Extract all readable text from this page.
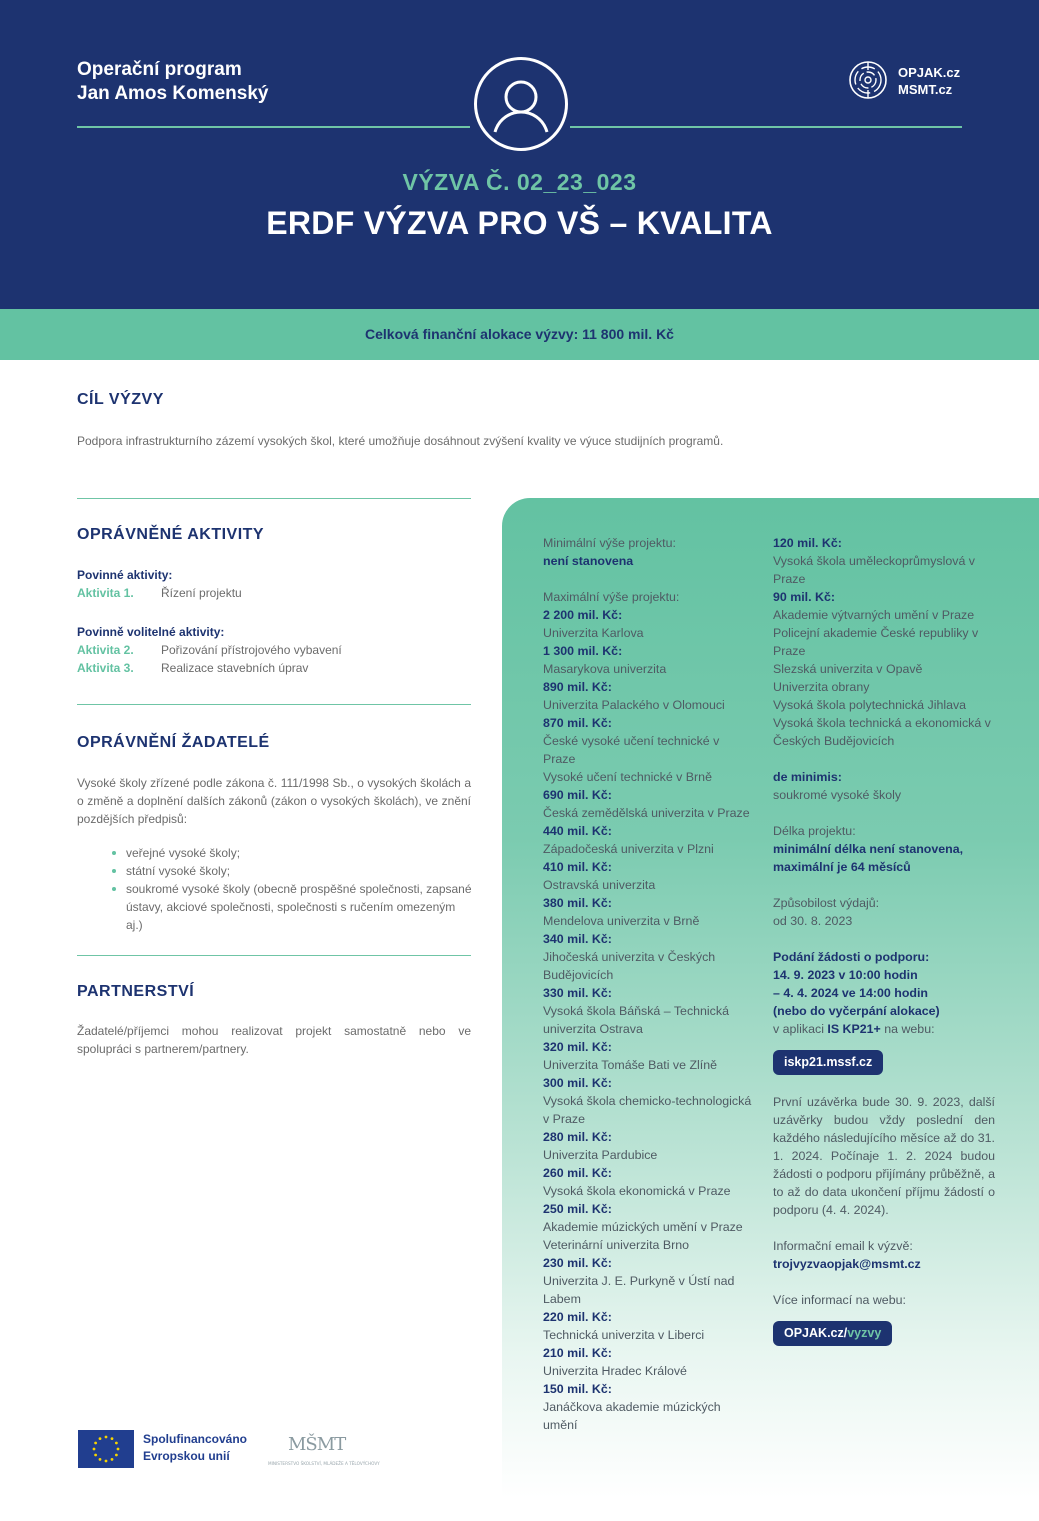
Operační program
Jan Amos Komenský
OPJAK.cz
MSMT.cz
VÝZVA Č. 02_23_023
ERDF VÝZVA PRO VŠ – KVALITA
Celková finanční alokace výzvy: 11 800 mil. Kč
CÍL VÝZVY
Podpora infrastrukturního zázemí vysokých škol, které umožňuje dosáhnout zvýšení kvality ve výuce studijních programů.
OPRÁVNĚNÉ AKTIVITY
Povinné aktivity:
Aktivita 1. Řízení projektu
Povinně volitelné aktivity:
Aktivita 2. Pořizování přístrojového vybavení
Aktivita 3. Realizace stavebních úprav
OPRÁVNĚNÍ ŽADATELÉ
Vysoké školy zřízené podle zákona č. 111/1998 Sb., o vysokých školách a o změně a doplnění dalších zákonů (zákon o vysokých školách), ve znění pozdějších předpisů:
veřejné vysoké školy;
státní vysoké školy;
soukromé vysoké školy (obecně prospěšné společnosti, zapsané ústavy, akciové společnosti, společnosti s ručením omezeným aj.)
PARTNERSTVÍ
Žadatelé/příjemci mohou realizovat projekt samostatně nebo ve spolupráci s partnerem/partnery.
Minimální výše projektu:
není stanovena
Maximální výše projektu:
2 200 mil. Kč:
Univerzita Karlova
1 300 mil. Kč:
Masarykova univerzita
890 mil. Kč:
Univerzita Palackého v Olomouci
870 mil. Kč:
České vysoké učení technické v Praze
Vysoké učení technické v Brně
690 mil. Kč:
Česká zemědělská univerzita v Praze
440 mil. Kč:
Západočeská univerzita v Plzni
410 mil. Kč:
Ostravská univerzita
380 mil. Kč:
Mendelova univerzita v Brně
340 mil. Kč:
Jihočeská univerzita v Českých Budějovicích
330 mil. Kč:
Vysoká škola Báňská – Technická univerzita Ostrava
320 mil. Kč:
Univerzita Tomáše Bati ve Zlíně
300 mil. Kč:
Vysoká škola chemicko-technologická v Praze
280 mil. Kč:
Univerzita Pardubice
260 mil. Kč:
Vysoká škola ekonomická v Praze
250 mil. Kč:
Akademie múzických umění v Praze
Veterinární univerzita Brno
230 mil. Kč:
Univerzita J. E. Purkyně v Ústí nad Labem
220 mil. Kč:
Technická univerzita v Liberci
210 mil. Kč:
Univerzita Hradec Králové
150 mil. Kč:
Janáčkova akademie múzických umění
120 mil. Kč:
Vysoká škola uměleckoprůmyslová v Praze
90 mil. Kč:
Akademie výtvarných umění v Praze
Policejní akademie České republiky v Praze
Slezská univerzita v Opavě
Univerzita obrany
Vysoká škola polytechnická Jihlava
Vysoká škola technická a ekonomická v Českých Budějovicích
de minimis:
soukromé vysoké školy
Délka projektu:
minimální délka není stanovena, maximální je 64 měsíců
Způsobilost výdajů:
od 30. 8. 2023
Podání žádosti o podporu:
14. 9. 2023 v 10:00 hodin
– 4. 4. 2024 ve 14:00 hodin
(nebo do vyčerpání alokace)
v aplikaci IS KP21+ na webu:
iskp21.mssf.cz
První uzávěrka bude 30. 9. 2023, další uzávěrky budou vždy poslední den každého následujícího měsíce až do 31. 1. 2024. Počínaje 1. 2. 2024 budou žádosti o podporu přijímány průběžně, a to až do data ukončení příjmu žádostí o podporu (4. 4. 2024).
Informační email k výzvě:
trojvyzvaopjak@msmt.cz
Více informací na webu:
OPJAK.cz/vyzvy
Spolufinancováno
Evropskou unií
MŠMT
MINISTERSTVO ŠKOLSTVÍ, MLÁDEŽE A TĚLOVÝCHOVY
